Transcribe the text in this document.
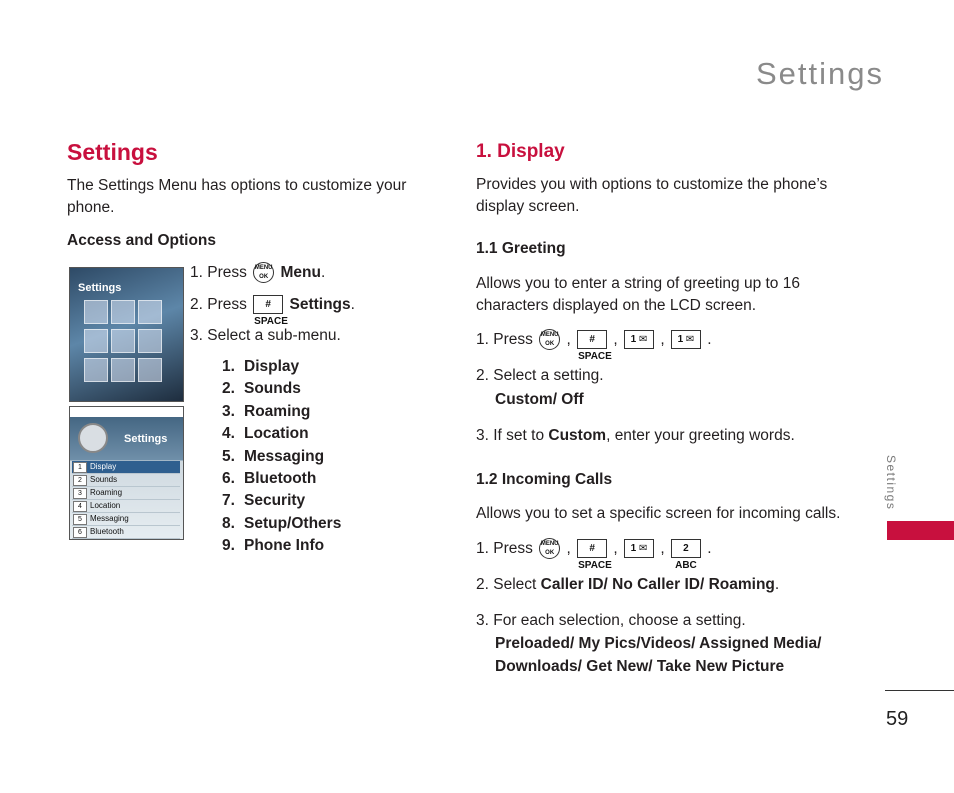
Settings
Settings
The Settings Menu has options to customize your phone.
Access and Options
1. Press MENU OK Menu.
2. Press # SPACE Settings.
3. Select a sub-menu.
1. Display
2. Sounds
3. Roaming
4. Location
5. Messaging
6. Bluetooth
7. Security
8. Setup/Others
9. Phone Info
Settings
Settings
1	Display
2	Sounds
3	Roaming
4	Location
5	Messaging
6	Bluetooth
1. Display
Provides you with options to customize the phone’s display screen.
1.1 Greeting
Allows you to enter a string of greeting up to 16 characters displayed on the LCD screen.
1. Press MENU OK , # SPACE , 1 ✉ , 1 ✉ .
2. Select a setting.
Custom/ Off
3. If set to Custom, enter your greeting words.
1.2 Incoming Calls
Allows you to set a specific screen for incoming calls.
1. Press MENU OK , # SPACE , 1 ✉ , 2 ABC .
2. Select Caller ID/ No Caller ID/ Roaming.
3. For each selection, choose a setting.
Preloaded/ My Pics/Videos/ Assigned Media/
Downloads/ Get New/ Take New Picture
Settings
59
